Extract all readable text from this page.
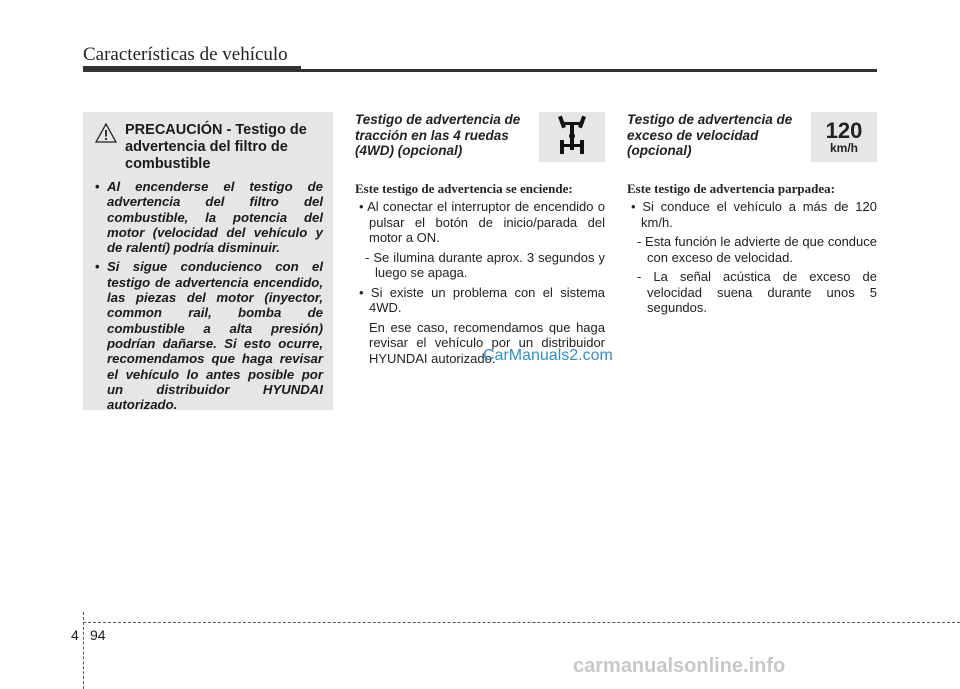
Características de vehículo
PRECAUCIÓN - Testigo de advertencia del filtro de combustible
• Al encenderse el testigo de advertencia del filtro del combustible, la potencia del motor (velocidad del vehículo y de ralentí) podría disminuir.
• Si sigue conducienco con el testigo de advertencia encendido, las piezas del motor (inyector, common rail, bomba de combustible a alta presión) podrían dañarse. Si esto ocurre, recomendamos que haga revisar el vehículo lo antes posible por un distribuidor HYUNDAI autorizado.
Testigo de advertencia de tracción en las 4 ruedas (4WD) (opcional)
Este testigo de advertencia se enciende:
• Al conectar el interruptor de encendido o pulsar el botón de inicio/parada del motor a ON.
- Se ilumina durante aprox. 3 segundos y luego se apaga.
• Si existe un problema con el sistema 4WD.
En ese caso, recomendamos que haga revisar el vehículo por un distribuidor HYUNDAI autorizado.
Testigo de advertencia de exceso de velocidad (opcional)
120
km/h
Este testigo de advertencia parpadea:
• Si conduce el vehículo a más de 120 km/h.
- Esta función le advierte de que conduce con exceso de velocidad.
- La señal acústica de exceso de velocidad suena durante unos 5 segundos.
CarManuals2.com
4 94
carmanualsonline.info
